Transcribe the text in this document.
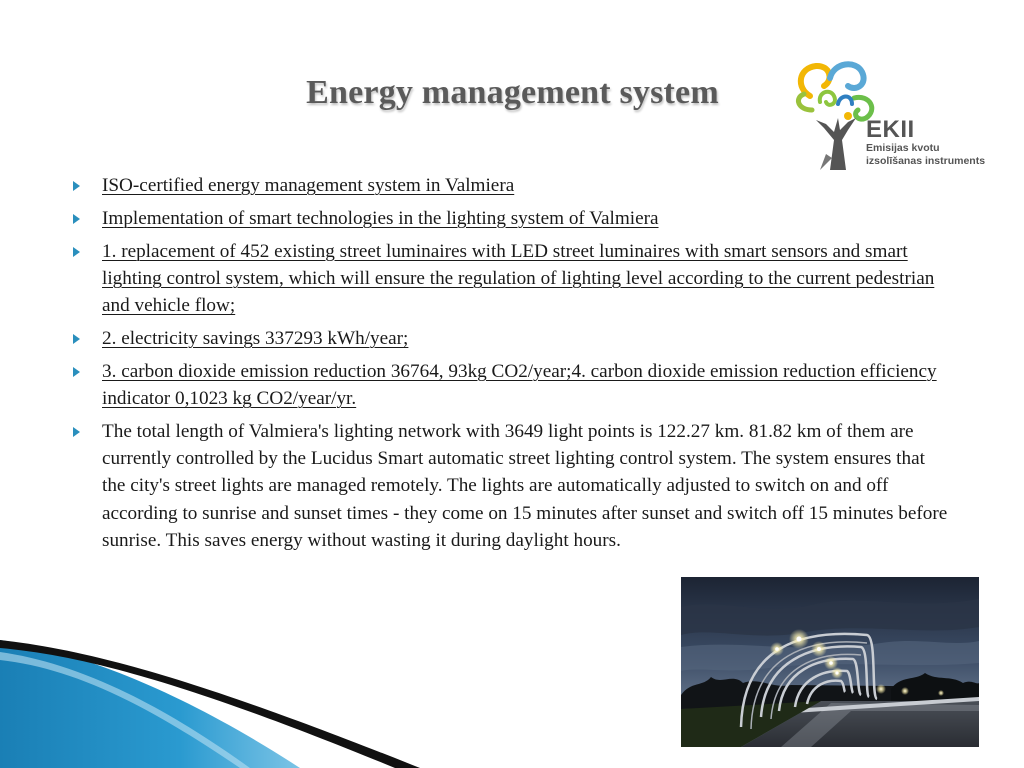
Energy management system
EKII
Emisijas kvotu
izsolīšanas instruments
ISO-certified energy management system in Valmiera
Implementation of smart technologies in the lighting system of Valmiera
1. replacement of 452 existing street luminaires with LED street luminaires with smart sensors and smart lighting control system, which will ensure the regulation of lighting level according to the current pedestrian and vehicle flow;
2. electricity savings 337293 kWh/year;
3. carbon dioxide emission reduction 36764, 93kg CO2/year;4. carbon dioxide emission reduction efficiency indicator 0,1023 kg CO2/year/yr.
The total length of Valmiera's lighting network with 3649 light points is 122.27 km. 81.82 km of them are currently controlled by the Lucidus Smart automatic street lighting control system. The system ensures that the city's street lights are managed remotely. The lights are automatically adjusted to switch on and off according to sunrise and sunset times - they come on 15 minutes after sunset and switch off 15 minutes before sunrise. This saves energy without wasting it during daylight hours.
